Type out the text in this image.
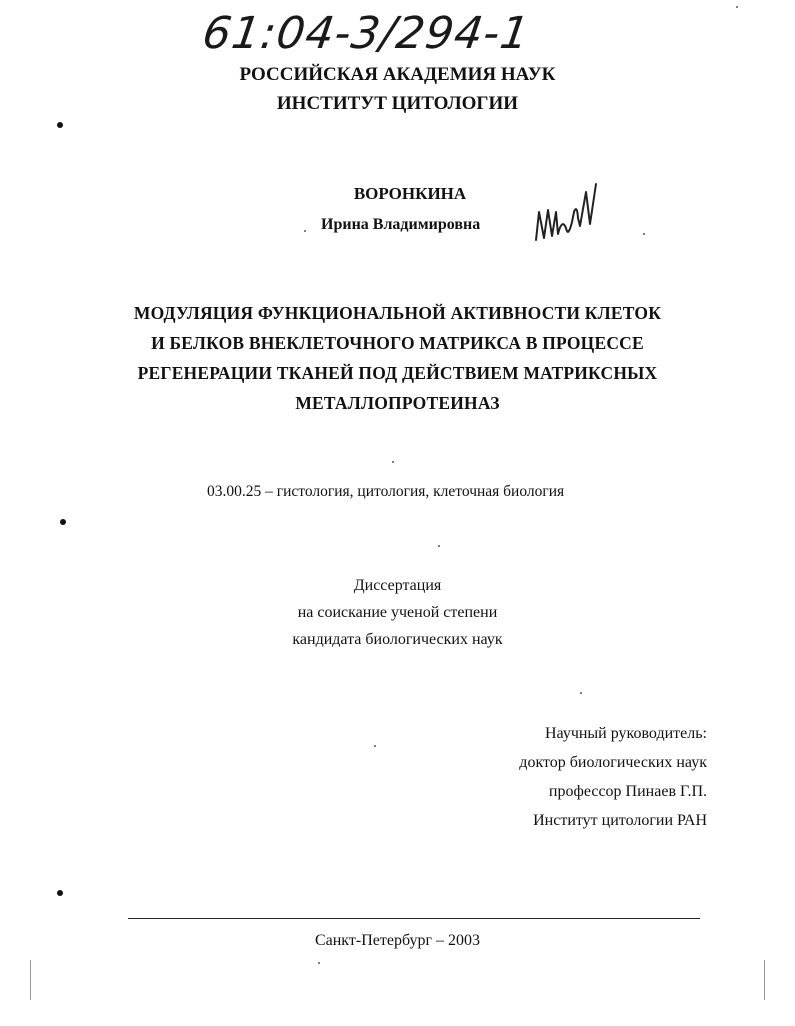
61:04-3/294-1
РОССИЙСКАЯ АКАДЕМИЯ НАУК
ИНСТИТУТ ЦИТОЛОГИИ
ВОРОНКИНА
Ирина Владимировна
МОДУЛЯЦИЯ ФУНКЦИОНАЛЬНОЙ АКТИВНОСТИ КЛЕТОК
И БЕЛКОВ ВНЕКЛЕТОЧНОГО МАТРИКСА В ПРОЦЕССЕ
РЕГЕНЕРАЦИИ ТКАНЕЙ ПОД ДЕЙСТВИЕМ МАТРИКСНЫХ
МЕТАЛЛОПРОТЕИНАЗ
03.00.25 – гистология, цитология, клеточная биология
Диссертация
на соискание ученой степени
кандидата биологических наук
Научный руководитель:
доктор биологических наук
профессор Пинаев Г.П.
Институт цитологии РАН
Санкт-Петербург – 2003
